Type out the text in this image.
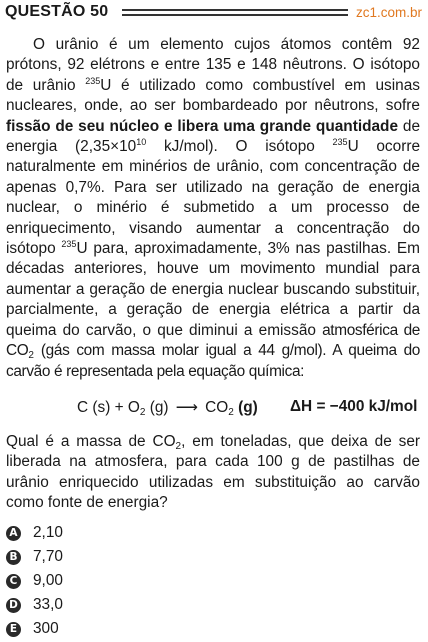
QUESTÃO 50	zc1.com.br

O urânio é um elemento cujos átomos contêm 92 prótons, 92 elétrons e entre 135 e 148 nêutrons. O isótopo de urânio $^{235}$U é utilizado como combustível em usinas nucleares, onde, ao ser bombardeado por nêutrons, sofre fissão de seu núcleo e libera uma grande quantidade de energia ($2,35\times 10^{10}$ kJ/mol). O isótopo $^{235}$U ocorre naturalmente em minérios de urânio, com concentração de apenas 0,7%. Para ser utilizado na geração de energia nuclear, o minério é submetido a um processo de enriquecimento, visando aumentar a concentração do isótopo $^{235}$U para, aproximadamente, 3% nas pastilhas. Em décadas anteriores, houve um movimento mundial para aumentar a geração de energia nuclear buscando substituir, parcialmente, a geração de energia elétrica a partir da queima do carvão, o que diminui a emissão atmosférica de $CO_2$ (gás com massa molar igual a 44 g/mol). A queima do carvão é representada pela equação química:

C $(s) + O_2$ (g) ⟶ $CO_2$ (g) ΔH = −400 kJ/mol
Qual é a massa de $CO_2$, em toneladas, que deixa de ser liberada na atmosfera, para cada 100 g de pastilhas de urânio enriquecido utilizadas em substituição ao carvão como fonte de energia?
A 2,10
B 7,70
C 9,00
D 33,0
E 300
